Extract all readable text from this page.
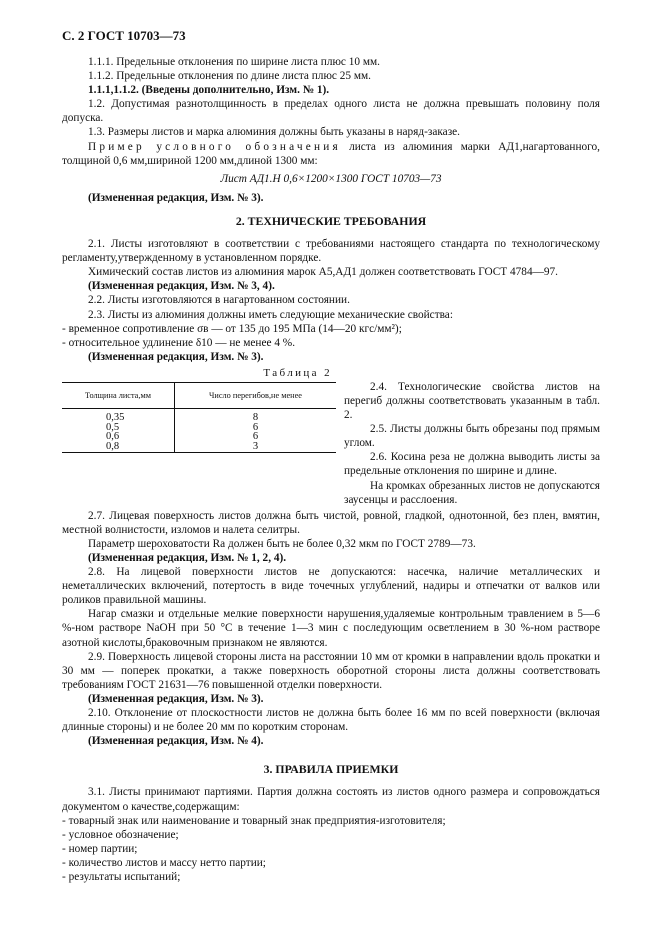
С. 2 ГОСТ 10703—73

1.1.1. Предельные отклонения по ширине листа плюс 10 мм.

1.1.2. Предельные отклонения по длине листа плюс 25 мм.

1.1.1,1.1.2. (Введены дополнительно, Изм. № 1).

1.2. Допустимая разнотолщинность в пределах одного листа не должна превышать половину поля допуска.

1.3. Размеры листов и марка алюминия должны быть указаны в наряд-заказе.

Пример условного обозначения листа из алюминия марки АД1,нагартованного, толщиной 0,6 мм,шириной 1200 мм,длиной 1300 мм:

Лист АД1.Н 0,6×1200×1300 ГОСТ 10703—73

(Измененная редакция, Изм. № 3).

2. ТЕХНИЧЕСКИЕ ТРЕБОВАНИЯ

2.1. Листы изготовляют в соответствии с требованиями настоящего стандарта по технологическому регламенту,утвержденному в установленном порядке.

Химический состав листов из алюминия марок А5,АД1 должен соответствовать ГОСТ 4784—97.

(Измененная редакция, Изм. № 3, 4).

2.2. Листы изготовляются в нагартованном состоянии.

2.3. Листы из алюминия должны иметь следующие механические свойства:

- временное сопротивление σв — от 135 до 195 МПа (14—20 кгс/мм²);

- относительное удлинение δ10 — не менее 4 %.

(Измененная редакция, Изм. № 3).

Таблица 2
Толщина листа,мм	Число перегибов,не менее
0,35	8
0,5	6
0,6	6
0,8	3

2.4. Технологические свойства листов на перегиб должны соответствовать указанным в табл. 2.

2.5. Листы должны быть обрезаны под прямым углом.

2.6. Косина реза не должна выводить листы за предельные отклонения по ширине и длине.

На кромках обрезанных листов не допускаются заусенцы и расслоения.

2.7. Лицевая поверхность листов должна быть чистой, ровной, гладкой, однотонной, без плен, вмятин, местной волнистости, изломов и налета селитры.

Параметр шероховатости Ra должен быть не более 0,32 мкм по ГОСТ 2789—73.

(Измененная редакция, Изм. № 1, 2, 4).

2.8. На лицевой поверхности листов не допускаются: насечка, наличие металлических и неметаллических включений, потертость в виде точечных углублений, надиры и отпечатки от валков или роликов правильной машины.

Нагар смазки и отдельные мелкие поверхности нарушения,удаляемые контрольным травлением в 5—6 %-ном растворе NaOH при 50 °С в течение 1—3 мин с последующим осветлением в 30 %-ном растворе азотной кислоты,браковочным признаком не являются.

2.9. Поверхность лицевой стороны листа на расстоянии 10 мм от кромки в направлении вдоль прокатки и 30 мм — поперек прокатки, а также поверхность оборотной стороны листа должны соответствовать требованиям ГОСТ 21631—76 повышенной отделки поверхности.

(Измененная редакция, Изм. № 3).

2.10. Отклонение от плоскостности листов не должна быть более 16 мм по всей поверхности (включая длинные стороны) и не более 20 мм по коротким сторонам.

(Измененная редакция, Изм. № 4).

3. ПРАВИЛА ПРИЕМКИ

3.1. Листы принимают партиями. Партия должна состоять из листов одного размера и сопровождаться документом о качестве,содержащим:

- товарный знак или наименование и товарный знак предприятия-изготовителя;

- условное обозначение;

- номер партии;

- количество листов и массу нетто партии;

- результаты испытаний;
